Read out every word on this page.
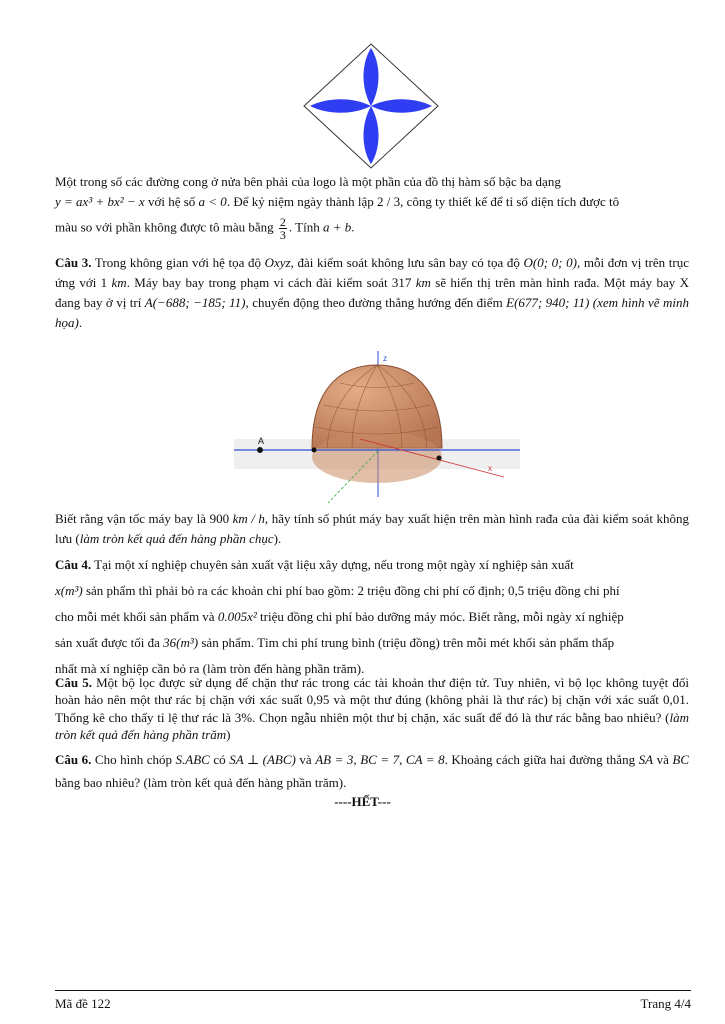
Một trong số các đường cong ở nửa bên phải của logo là một phần của đồ thị hàm số bậc ba dạng
y = ax³ + bx² − x với hệ số a < 0. Để kỷ niệm ngày thành lập 2 / 3, công ty thiết kế để tỉ số diện tích được tô
màu so với phần không được tô màu bằng $\frac{2}{3}$ . Tính a + b.
Câu 3. Trong không gian với hệ tọa độ Oxyz, đài kiểm soát không lưu sân bay có tọa độ O(0; 0; 0), mỗi đơn vị trên trục ứng với 1 km. Máy bay bay trong phạm vi cách đài kiểm soát 317 km sẽ hiển thị trên màn hình rađa. Một máy bay X đang bay ở vị trí A(−688; −185; 11), chuyển động theo đường thẳng hướng đến điểm E(677; 940; 11) (xem hình vẽ minh họa).
A
z
x
Biết rằng vận tốc máy bay là 900 km / h, hãy tính số phút máy bay xuất hiện trên màn hình rađa của đài kiểm soát không lưu (làm tròn kết quả đến hàng phần chục).
Câu 4. Tại một xí nghiệp chuyên sản xuất vật liệu xây dựng, nếu trong một ngày xí nghiệp sản xuất
x(m³) sản phẩm thì phải bỏ ra các khoản chi phí bao gồm: 2 triệu đồng chi phí cố định; 0,5 triệu đồng chi phí
cho mỗi mét khối sản phẩm và 0.005x² triệu đồng chi phí bảo dưỡng máy móc. Biết rằng, mỗi ngày xí nghiệp
sản xuất được tối đa 36(m³) sản phẩm. Tìm chi phí trung bình (triệu đồng) trên mỗi mét khối sản phẩm thấp
nhất mà xí nghiệp cần bỏ ra (làm tròn đến hàng phần trăm).
Câu 5. Một bộ lọc được sử dụng để chặn thư rác trong các tài khoản thư điện tử. Tuy nhiên, vì bộ lọc không tuyệt đối hoàn hảo nên một thư rác bị chặn với xác suất 0,95 và một thư đúng (không phải là thư rác) bị chặn với xác suất 0,01. Thống kê cho thấy tỉ lệ thư rác là 3%. Chọn ngẫu nhiên một thư bị chặn, xác suất để đó là thư rác bằng bao nhiêu? (làm tròn kết quả đến hàng phần trăm)
Câu 6. Cho hình chóp S.ABC có SA ⊥ (ABC) và AB = 3, BC = 7, CA = 8. Khoảng cách giữa hai đường thẳng SA và BC bằng bao nhiêu? (làm tròn kết quả đến hàng phần trăm).
----HẾT---
Mã đề 122	Trang 4/4
